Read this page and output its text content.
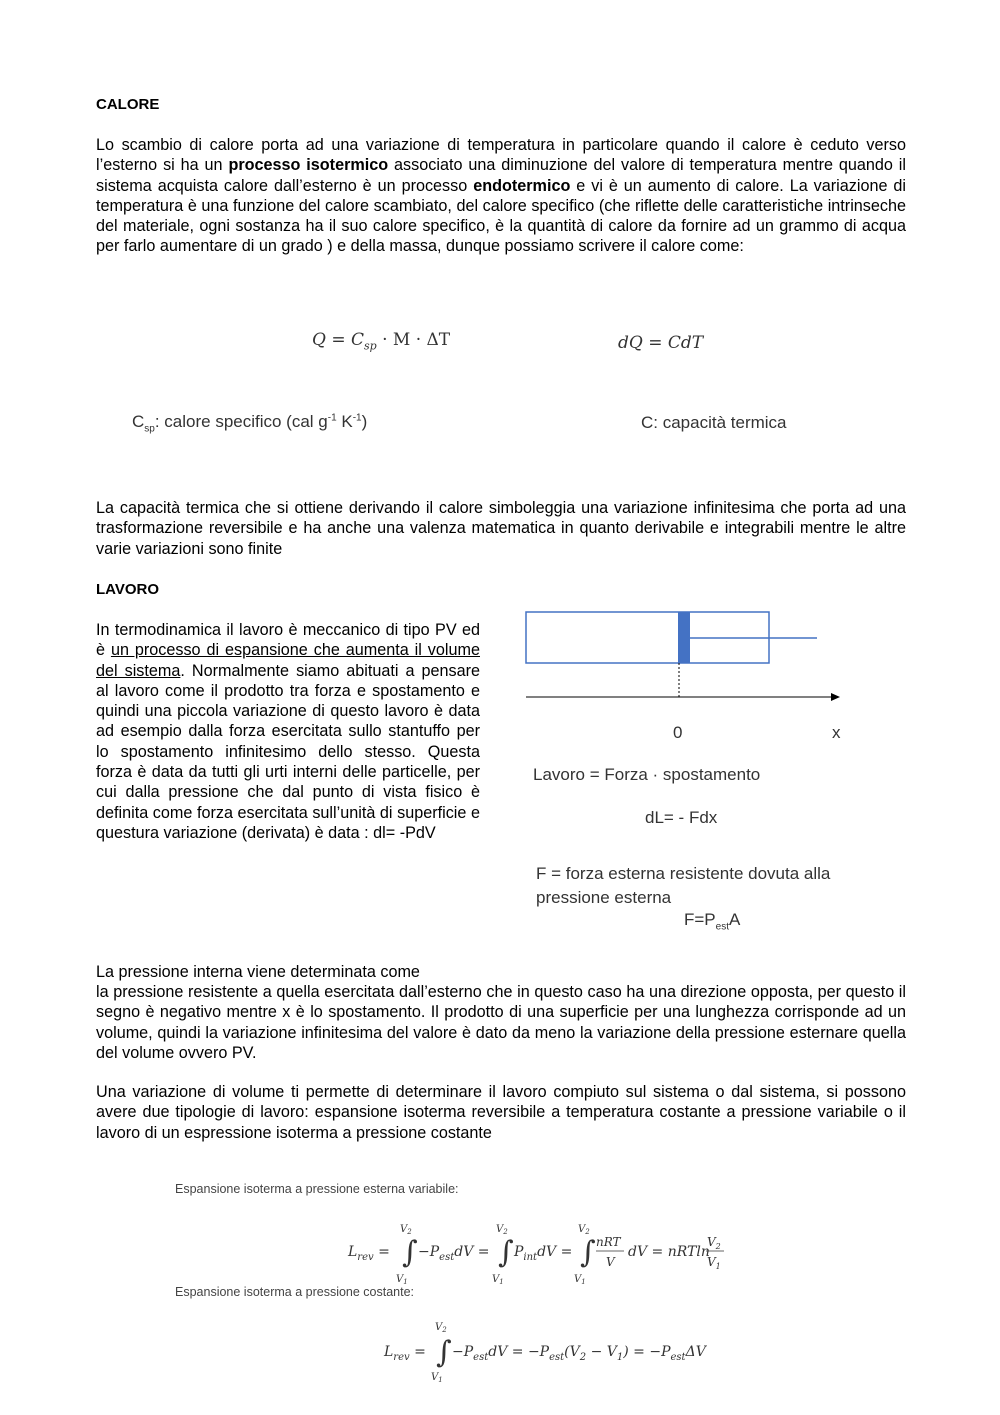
CALORE

Lo scambio di calore porta ad una variazione di temperatura in particolare quando il calore è ceduto verso l’esterno si ha un processo isotermico associato una diminuzione del valore di temperatura mentre quando il sistema acquista calore dall’esterno è un processo endotermico e vi è un aumento di calore. La variazione di temperatura è una funzione del calore scambiato, del calore specifico (che riflette delle caratteristiche intrinseche del materiale, ogni sostanza ha il suo calore specifico, è la quantità di calore da fornire ad un grammo di acqua per farlo aumentare di un grado ) e della massa, dunque possiamo scrivere il calore come:

$Q = C_{sp} \cdot M \cdot \Delta T$	dQ = CdT

$C_{sp}$: calore specifico (cal $g^{-1}$ $K^{-1}$)	C: capacità termica

La capacità termica che si ottiene derivando il calore simboleggia una variazione infinitesima che porta ad una trasformazione reversibile e ha anche una valenza matematica in quanto derivabile e integrabili mentre le altre varie variazioni sono finite

LAVORO

In termodinamica il lavoro è meccanico di tipo PV ed è un processo di espansione che aumenta il volume del sistema. Normalmente siamo abituati a pensare al lavoro come il prodotto tra forza e spostamento e quindi una piccola variazione di questo lavoro è data ad esempio dalla forza esercitata sullo stantuffo per lo spostamento infinitesimo dello stesso. Questa forza è data da tutti gli urti interni delle particelle, per cui dalla pressione che dal punto di vista fisico è definita come forza esercitata sull’unità di superficie e questura variazione (derivata) è data : dl= -PdV

0	x

Lavoro = Forza · spostamento

dL= - Fdx

F = forza esterna resistente dovuta alla
pressione esterna

$F=P_{est}A$

La pressione interna viene determinata come

la pressione resistente a quella esercitata dall’esterno che in questo caso ha una direzione opposta, per questo il segno è negativo mentre x è lo spostamento. Il prodotto di una superficie per una lunghezza corrisponde ad un volume, quindi la variazione infinitesima del valore è dato da meno la variazione della pressione esternare quella del volume ovvero PV.

Una variazione di volume ti permette di determinare il lavoro compiuto sul sistema o dal sistema, si possono avere due tipologie di lavoro: espansione isoterma reversibile a temperatura costante a pressione variabile o il lavoro di un espressione isoterma a pressione costante

Espansione isoterma a pressione esterna variabile:

$L_{rev}$ = ∫
$V_2$
$V_1$
$-P_{est}dV$ = ∫
$V_2$
$V_1$
$P_{int}dV$ = ∫
$V_2$
$V_1$
nRT
V
dV = nRTln
$V_2$
$V_1$

Espansione isoterma a pressione costante:

$L_{rev}$ = ∫
$V_2$
$V_1$
$-P_{est}dV = -P_{est}(V_2 - V_1) = -P_{est}\Delta V$
